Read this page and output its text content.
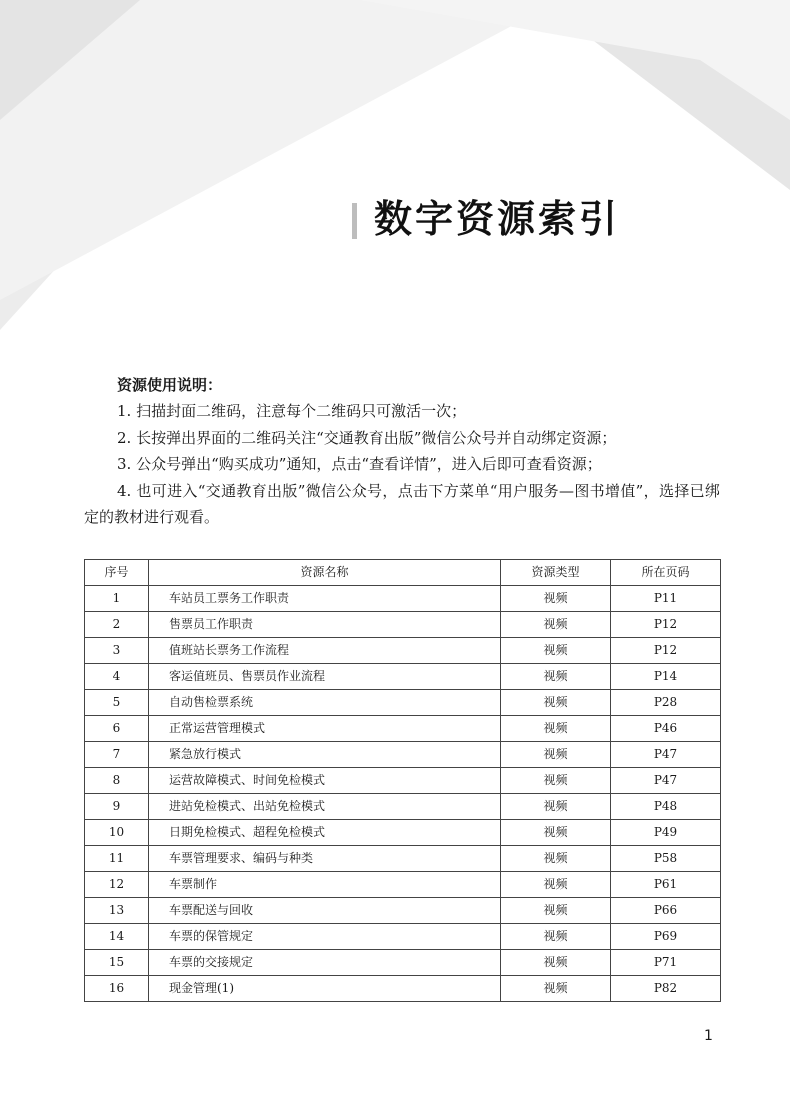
数字资源索引
资源使用说明：

1. 扫描封面二维码，注意每个二维码只可激活一次；

2. 长按弹出界面的二维码关注“交通教育出版”微信公众号并自动绑定资源；

3. 公众号弹出“购买成功”通知，点击“查看详情”，进入后即可查看资源；

4. 也可进入“交通教育出版”微信公众号，点击下方菜单“用户服务—图书增值”，选择已绑定的教材进行观看。

序号	资源名称	资源类型	所在页码
1	车站员工票务工作职责	视频	P11
2	售票员工作职责	视频	P12
3	值班站长票务工作流程	视频	P12
4	客运值班员、售票员作业流程	视频	P14
5	自动售检票系统	视频	P28
6	正常运营管理模式	视频	P46
7	紧急放行模式	视频	P47
8	运营故障模式、时间免检模式	视频	P47
9	进站免检模式、出站免检模式	视频	P48
10	日期免检模式、超程免检模式	视频	P49
11	车票管理要求、编码与种类	视频	P58
12	车票制作	视频	P61
13	车票配送与回收	视频	P66
14	车票的保管规定	视频	P69
15	车票的交接规定	视频	P71
16	现金管理(1)	视频	P82
1
